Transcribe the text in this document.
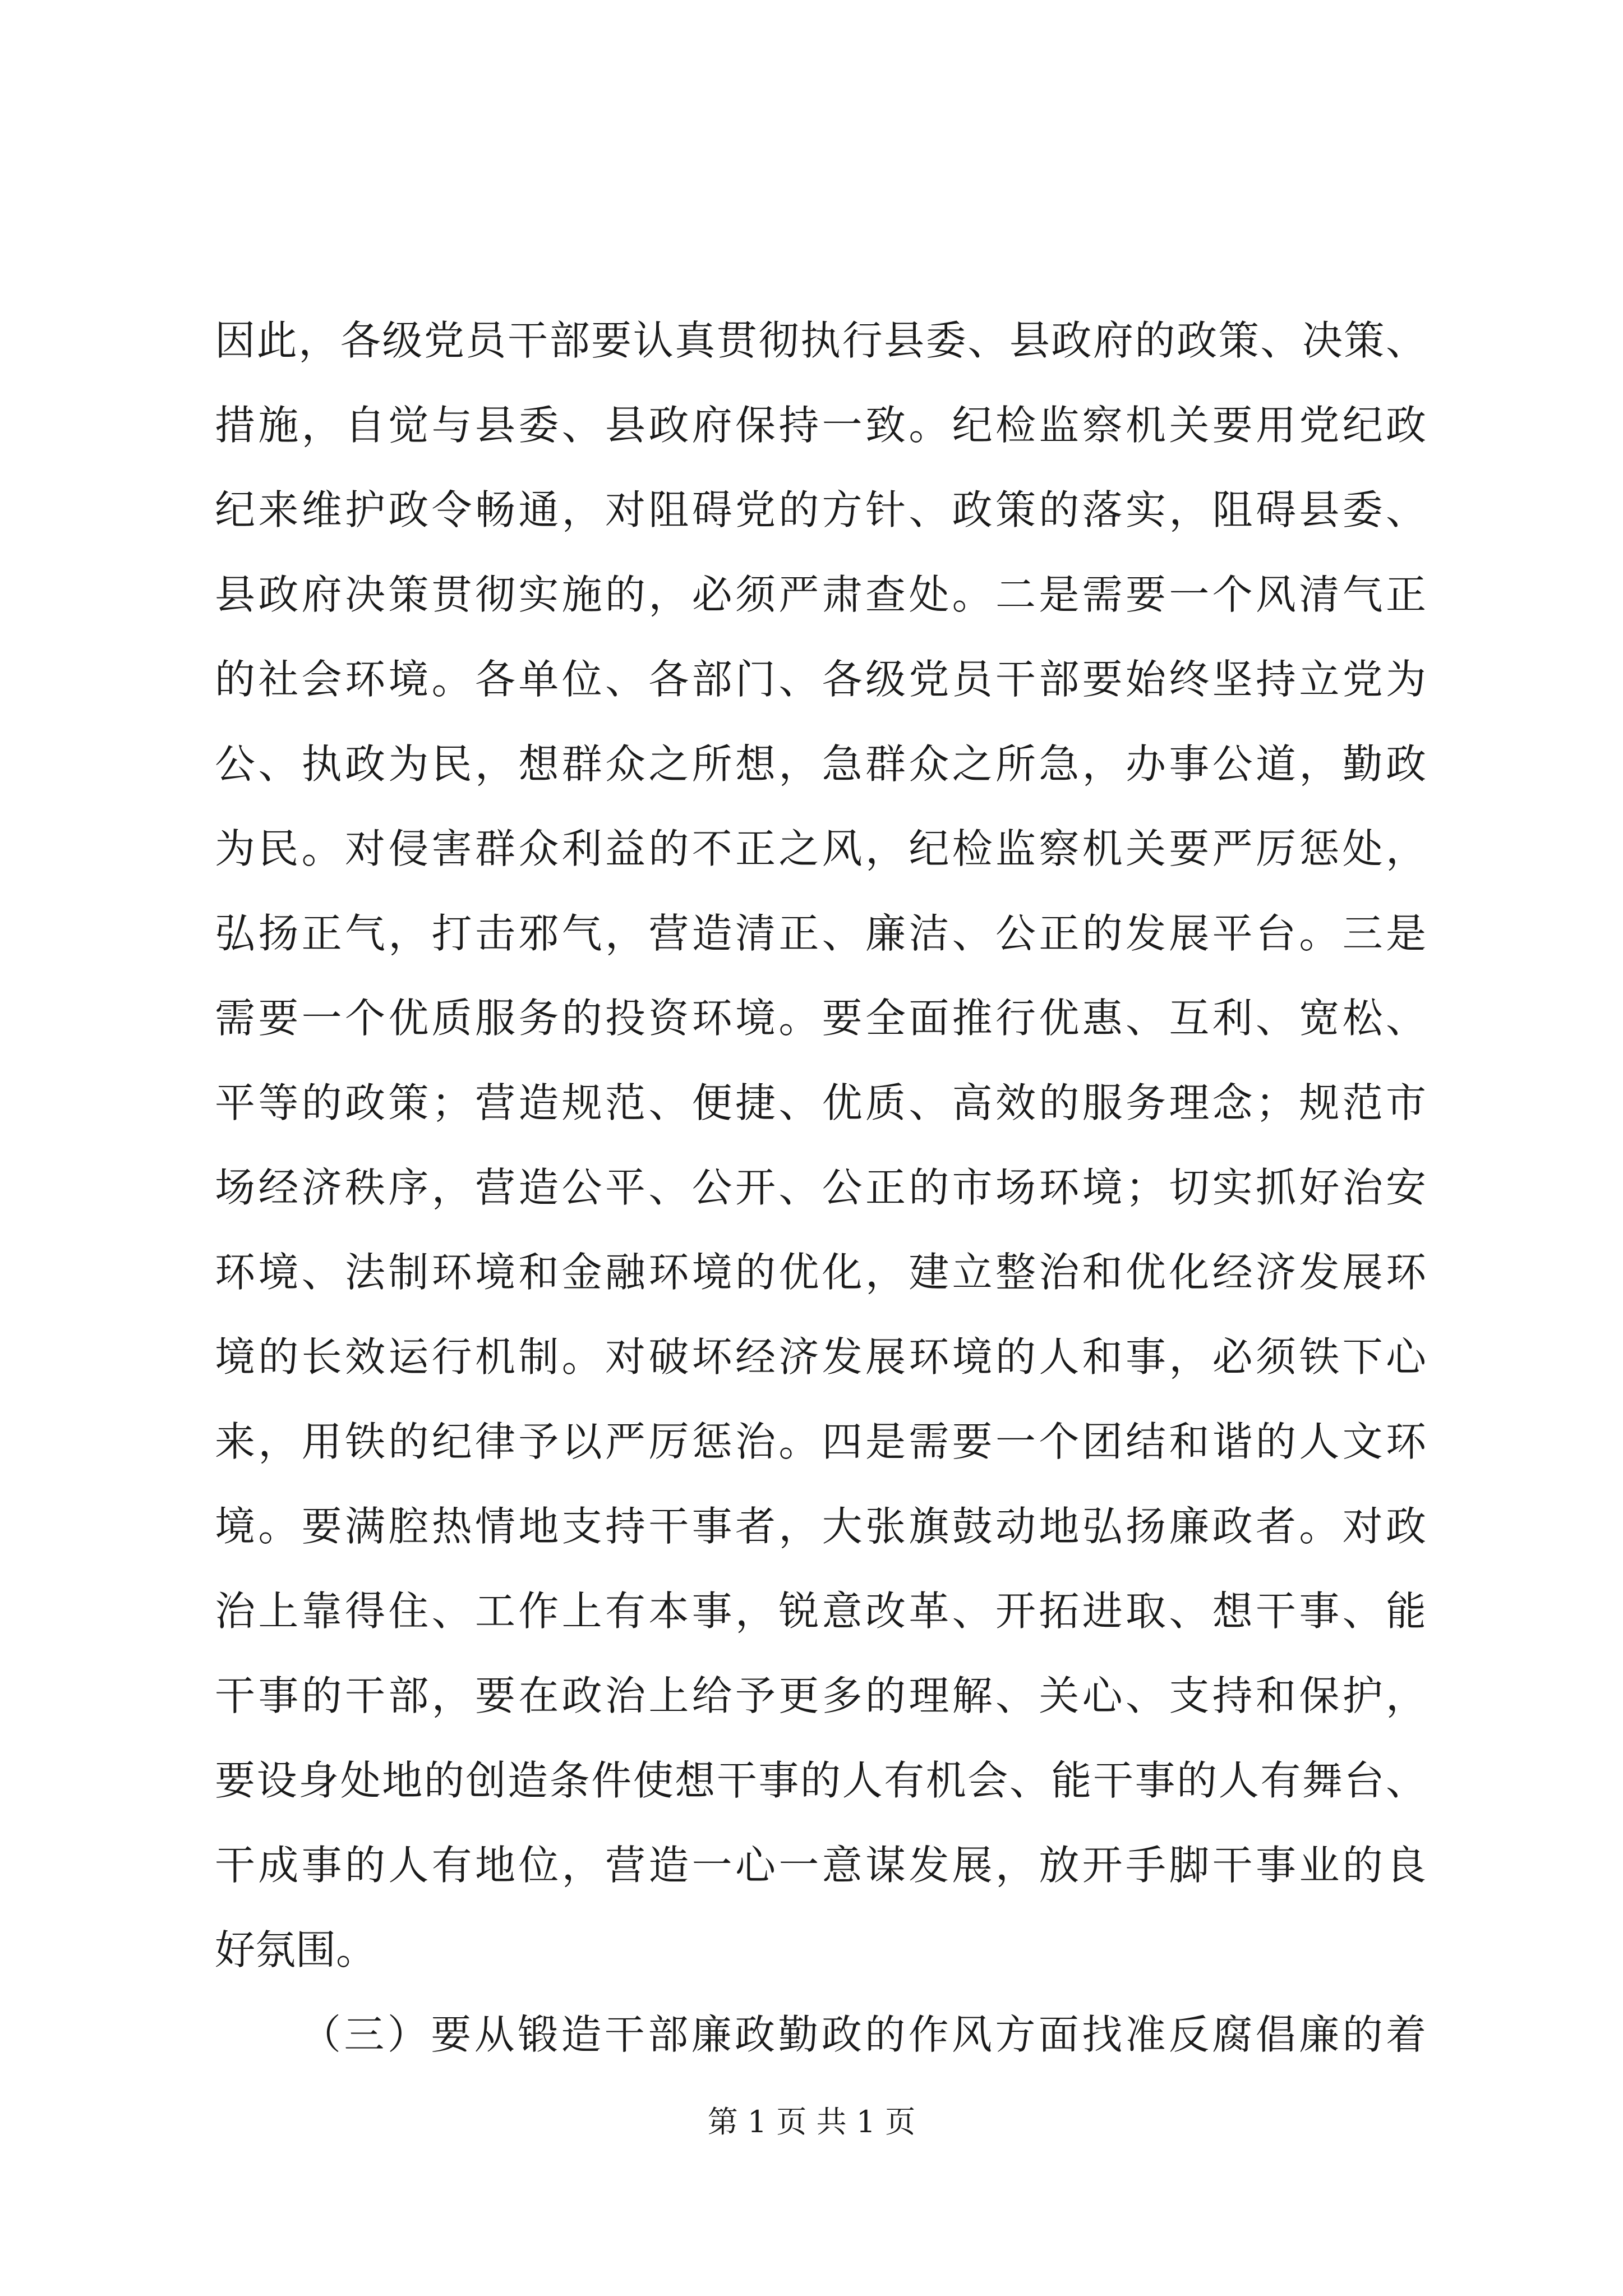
因此，各级党员干部要认真贯彻执行县委、县政府的政策、决策、
措施，自觉与县委、县政府保持一致。纪检监察机关要用党纪政
纪来维护政令畅通，对阻碍党的方针、政策的落实，阻碍县委、
县政府决策贯彻实施的，必须严肃查处。二是需要一个风清气正
的社会环境。各单位、各部门、各级党员干部要始终坚持立党为
公、执政为民，想群众之所想，急群众之所急，办事公道，勤政
为民。对侵害群众利益的不正之风，纪检监察机关要严厉惩处，
弘扬正气，打击邪气，营造清正、廉洁、公正的发展平台。三是
需要一个优质服务的投资环境。要全面推行优惠、互利、宽松、
平等的政策；营造规范、便捷、优质、高效的服务理念；规范市
场经济秩序，营造公平、公开、公正的市场环境；切实抓好治安
环境、法制环境和金融环境的优化，建立整治和优化经济发展环
境的长效运行机制。对破坏经济发展环境的人和事，必须铁下心
来，用铁的纪律予以严厉惩治。四是需要一个团结和谐的人文环
境。要满腔热情地支持干事者，大张旗鼓动地弘扬廉政者。对政
治上靠得住、工作上有本事，锐意改革、开拓进取、想干事、能
干事的干部，要在政治上给予更多的理解、关心、支持和保护，
要设身处地的创造条件使想干事的人有机会、能干事的人有舞台、
干成事的人有地位，营造一心一意谋发展，放开手脚干事业的良
好氛围。
（三）要从锻造干部廉政勤政的作风方面找准反腐倡廉的着
第 1 页 共 1 页
